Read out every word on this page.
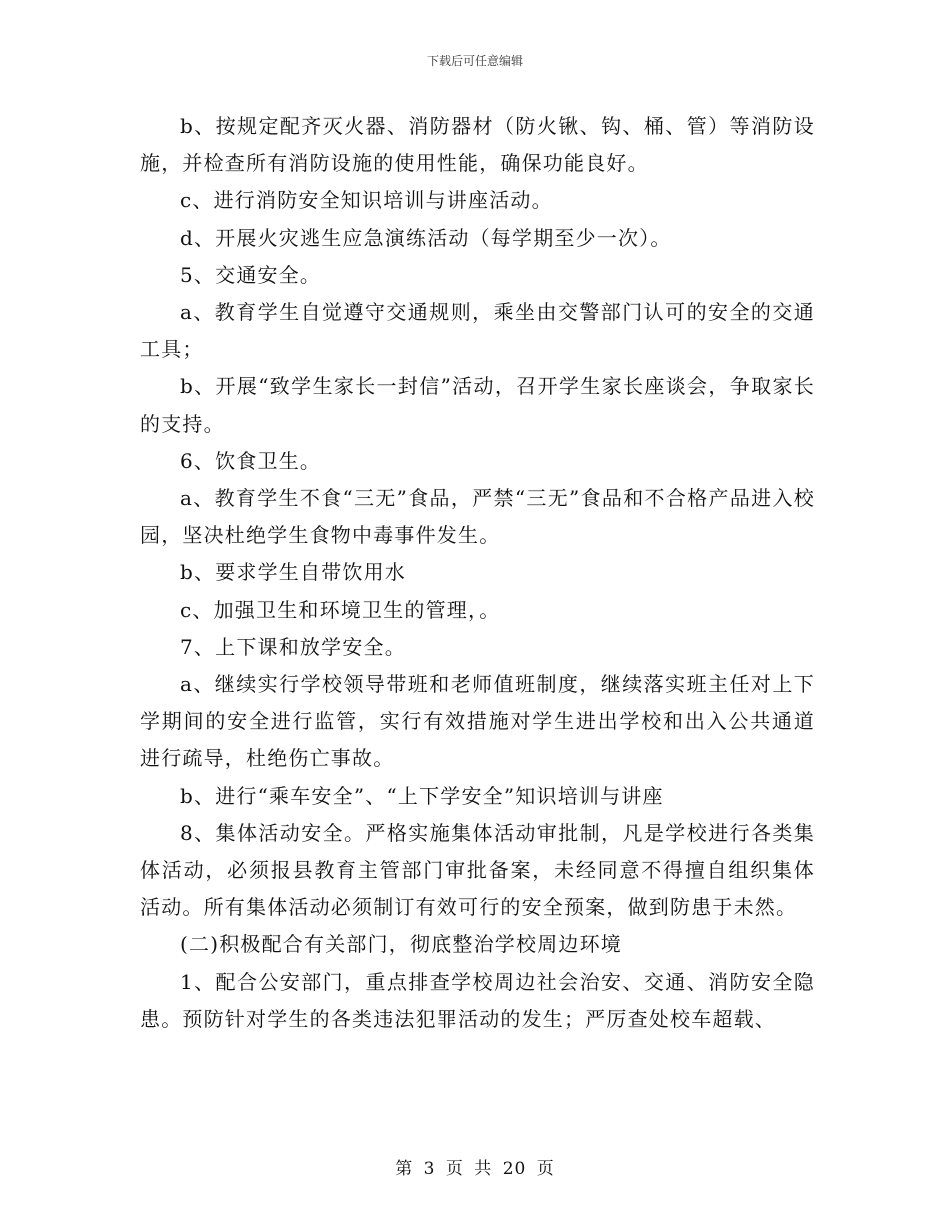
下载后可任意编辑

b、按规定配齐灭火器、消防器材（防火锹、钩、桶、管）等消防设施，并检查所有消防设施的使用性能，确保功能良好。

c、进行消防安全知识培训与讲座活动。

d、开展火灾逃生应急演练活动（每学期至少一次）。

5、交通安全。

a、教育学生自觉遵守交通规则，乘坐由交警部门认可的安全的交通工具；

b、开展“致学生家长一封信”活动，召开学生家长座谈会，争取家长的支持。

6、饮食卫生。

a、教育学生不食“三无”食品，严禁“三无”食品和不合格产品进入校园，坚决杜绝学生食物中毒事件发生。

b、要求学生自带饮用水

c、加强卫生和环境卫生的管理，。

7、上下课和放学安全。

a、继续实行学校领导带班和老师值班制度，继续落实班主任对上下学期间的安全进行监管，实行有效措施对学生进出学校和出入公共通道进行疏导，杜绝伤亡事故。

b、进行“乘车安全”、“上下学安全”知识培训与讲座

8、集体活动安全。严格实施集体活动审批制，凡是学校进行各类集体活动，必须报县教育主管部门审批备案，未经同意不得擅自组织集体活动。所有集体活动必须制订有效可行的安全预案，做到防患于未然。

(二)积极配合有关部门，彻底整治学校周边环境

1、配合公安部门，重点排查学校周边社会治安、交通、消防安全隐患。预防针对学生的各类违法犯罪活动的发生；严厉查处校车超载、

第 3 页 共 20 页
